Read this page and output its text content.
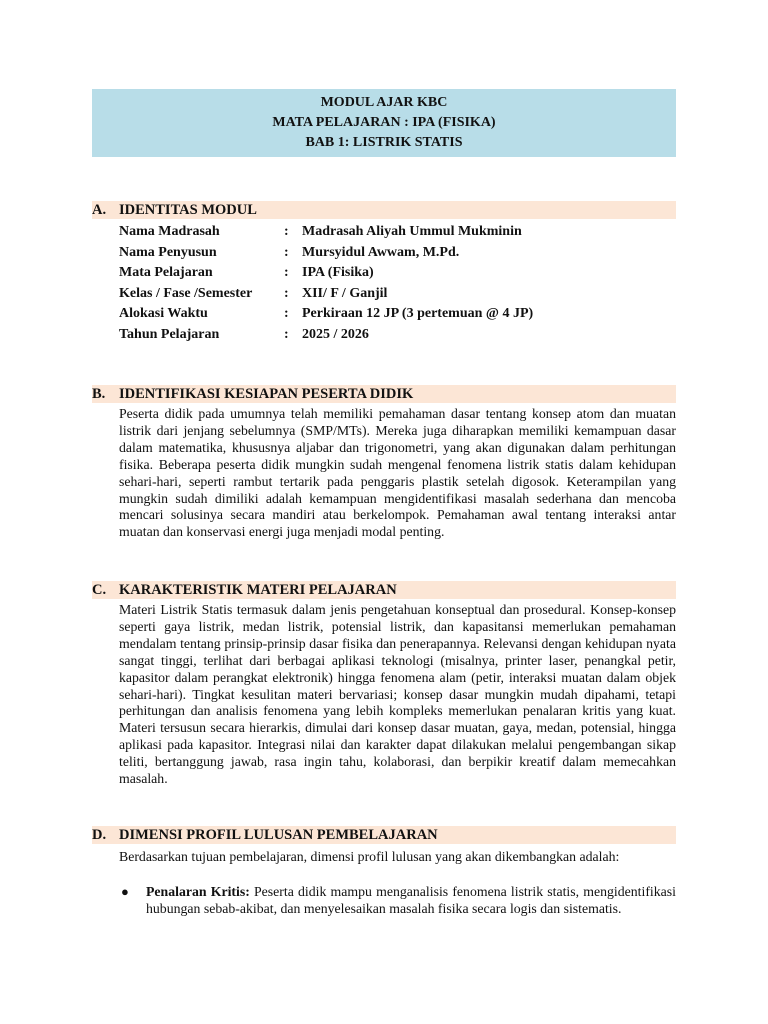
MODUL AJAR KBC
MATA PELAJARAN : IPA (FISIKA)
BAB 1: LISTRIK STATIS
A. IDENTITAS MODUL
Nama Madrasah	: Madrasah Aliyah Ummul Mukminin
Nama Penyusun	: Mursyidul Awwam, M.Pd.
Mata Pelajaran	: IPA (Fisika)
Kelas / Fase /Semester : XII/ F / Ganjil
Alokasi Waktu	: Perkiraan 12 JP (3 pertemuan @ 4 JP)
Tahun Pelajaran	: 2025 / 2026
B. IDENTIFIKASI KESIAPAN PESERTA DIDIK

Peserta didik pada umumnya telah memiliki pemahaman dasar tentang konsep atom dan muatan listrik dari jenjang sebelumnya (SMP/MTs). Mereka juga diharapkan memiliki kemampuan dasar dalam matematika, khususnya aljabar dan trigonometri, yang akan digunakan dalam perhitungan fisika. Beberapa peserta didik mungkin sudah mengenal fenomena listrik statis dalam kehidupan sehari-hari, seperti rambut tertarik pada penggaris plastik setelah digosok. Keterampilan yang mungkin sudah dimiliki adalah kemampuan mengidentifikasi masalah sederhana dan mencoba mencari solusinya secara mandiri atau berkelompok. Pemahaman awal tentang interaksi antar muatan dan konservasi energi juga menjadi modal penting.

C. KARAKTERISTIK MATERI PELAJARAN

Materi Listrik Statis termasuk dalam jenis pengetahuan konseptual dan prosedural. Konsep-konsep seperti gaya listrik, medan listrik, potensial listrik, dan kapasitansi memerlukan pemahaman mendalam tentang prinsip-prinsip dasar fisika dan penerapannya. Relevansi dengan kehidupan nyata sangat tinggi, terlihat dari berbagai aplikasi teknologi (misalnya, printer laser, penangkal petir, kapasitor dalam perangkat elektronik) hingga fenomena alam (petir, interaksi muatan dalam objek sehari-hari). Tingkat kesulitan materi bervariasi; konsep dasar mungkin mudah dipahami, tetapi perhitungan dan analisis fenomena yang lebih kompleks memerlukan penalaran kritis yang kuat. Materi tersusun secara hierarkis, dimulai dari konsep dasar muatan, gaya, medan, potensial, hingga aplikasi pada kapasitor. Integrasi nilai dan karakter dapat dilakukan melalui pengembangan sikap teliti, bertanggung jawab, rasa ingin tahu, kolaborasi, dan berpikir kreatif dalam memecahkan masalah.

D. DIMENSI PROFIL LULUSAN PEMBELAJARAN

Berdasarkan tujuan pembelajaran, dimensi profil lulusan yang akan dikembangkan adalah:

● Penalaran Kritis: Peserta didik mampu menganalisis fenomena listrik statis, mengidentifikasi hubungan sebab-akibat, dan menyelesaikan masalah fisika secara logis dan sistematis.
